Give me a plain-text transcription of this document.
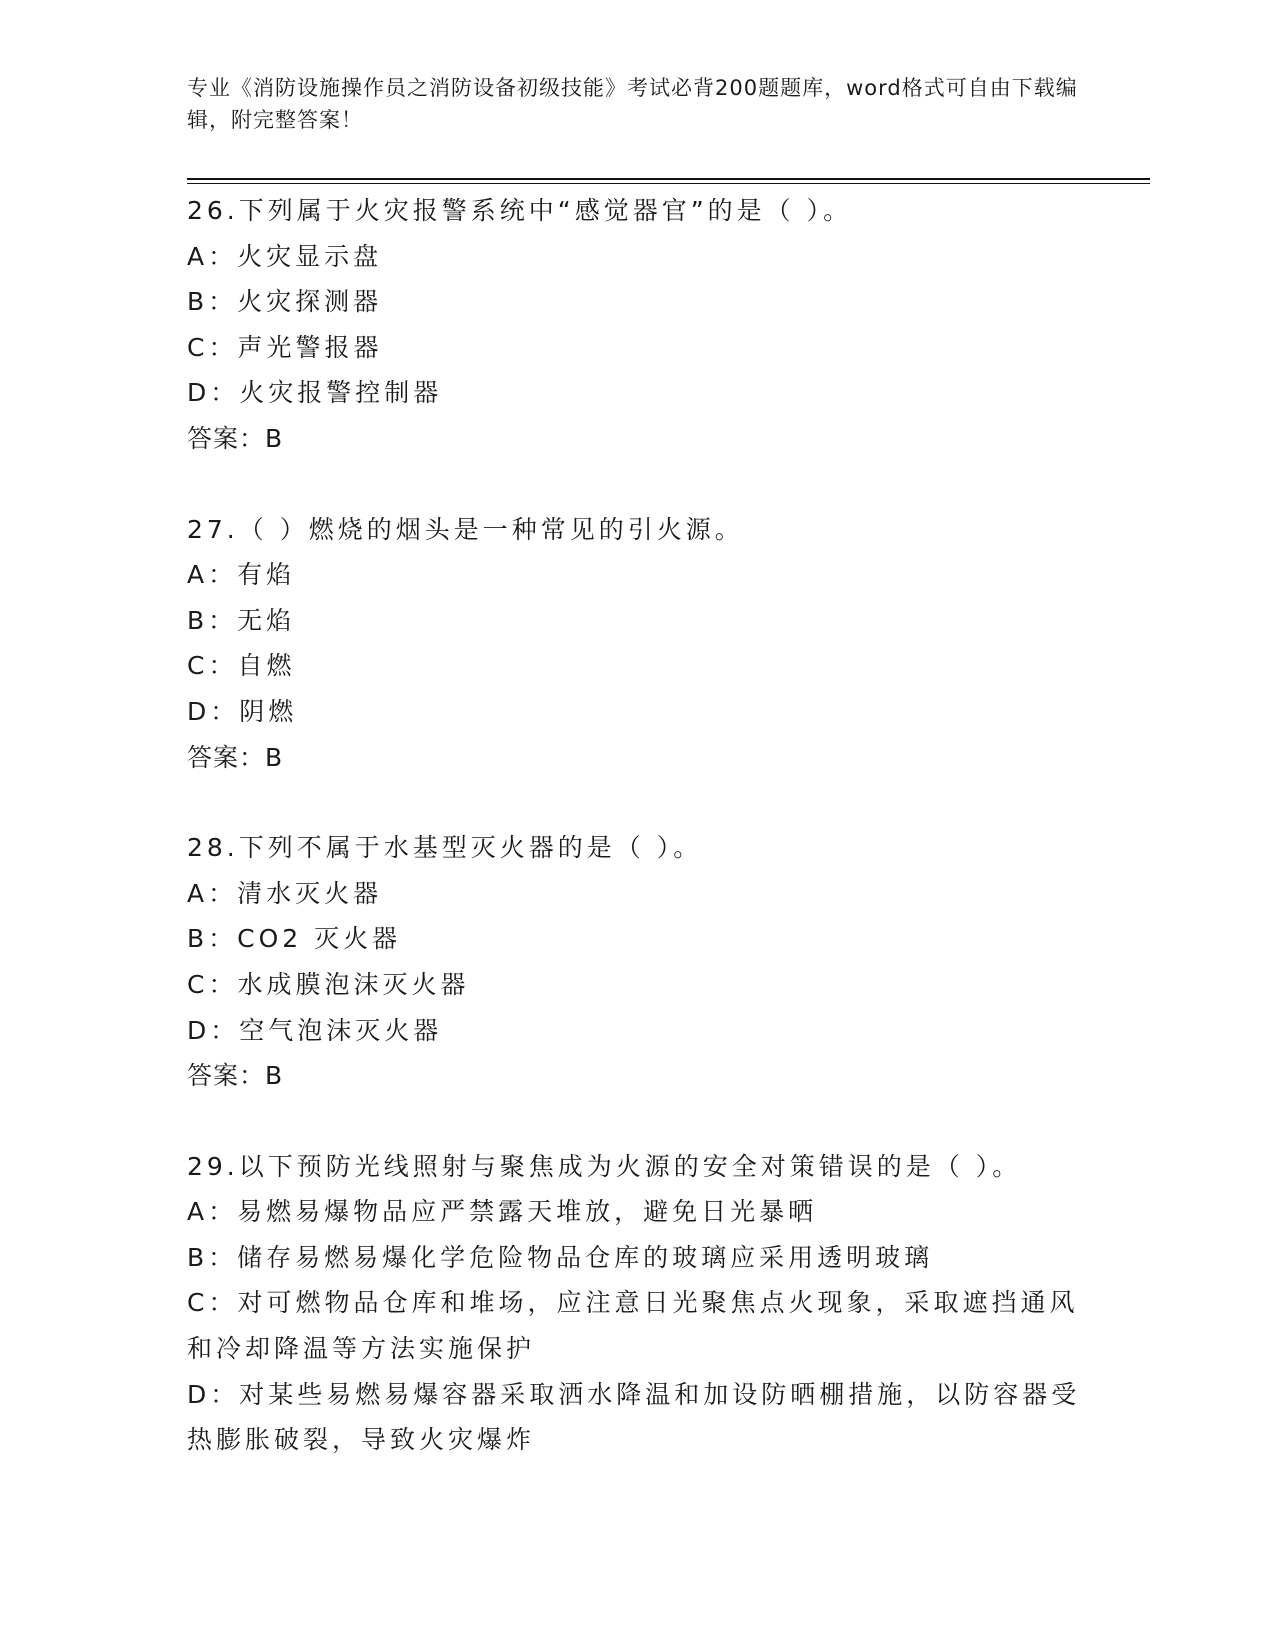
专业《消防设施操作员之消防设备初级技能》考试必背200题题库，word格式可自由下载编辑，附完整答案！
26.下列属于火灾报警系统中“感觉器官”的是（ ）。
A：火灾显示盘
B：火灾探测器
C：声光警报器
D：火灾报警控制器
答案：B
27.（ ）燃烧的烟头是一种常见的引火源。
A：有焰
B：无焰
C：自燃
D：阴燃
答案：B
28.下列不属于水基型灭火器的是（ ）。
A：清水灭火器
B：CO2 灭火器
C：水成膜泡沫灭火器
D：空气泡沫灭火器
答案：B
29.以下预防光线照射与聚焦成为火源的安全对策错误的是（ ）。
A：易燃易爆物品应严禁露天堆放，避免日光暴晒
B：储存易燃易爆化学危险物品仓库的玻璃应采用透明玻璃
C：对可燃物品仓库和堆场，应注意日光聚焦点火现象，采取遮挡通风和冷却降温等方法实施保护
D：对某些易燃易爆容器采取洒水降温和加设防晒棚措施，以防容器受热膨胀破裂，导致火灾爆炸
